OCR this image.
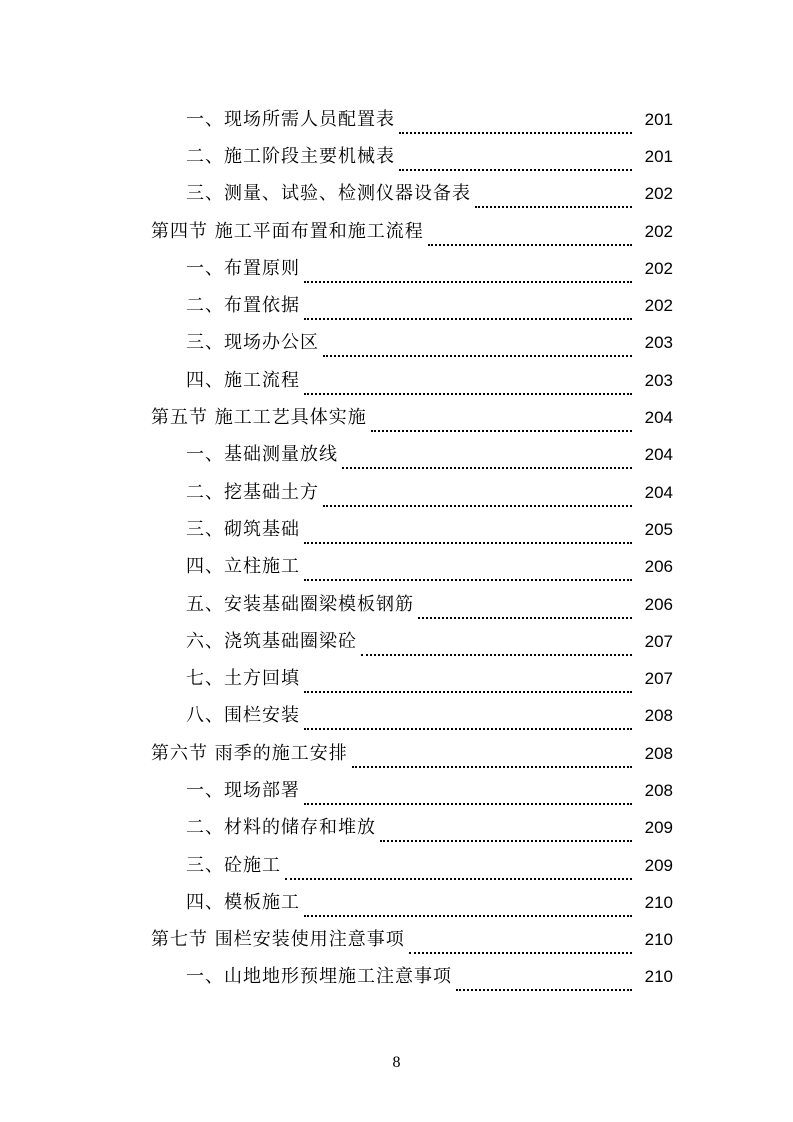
一、现场所需人员配置表	201
二、施工阶段主要机械表	201
三、测量、试验、检测仪器设备表	202
第四节 施工平面布置和施工流程	202
一、布置原则	202
二、布置依据	202
三、现场办公区	203
四、施工流程	203
第五节 施工工艺具体实施	204
一、基础测量放线	204
二、挖基础土方	204
三、砌筑基础	205
四、立柱施工	206
五、安装基础圈梁模板钢筋	206
六、浇筑基础圈梁砼	207
七、土方回填	207
八、围栏安装	208
第六节 雨季的施工安排	208
一、现场部署	208
二、材料的储存和堆放	209
三、砼施工	209
四、模板施工	210
第七节 围栏安装使用注意事项	210
一、山地地形预埋施工注意事项	210
8
